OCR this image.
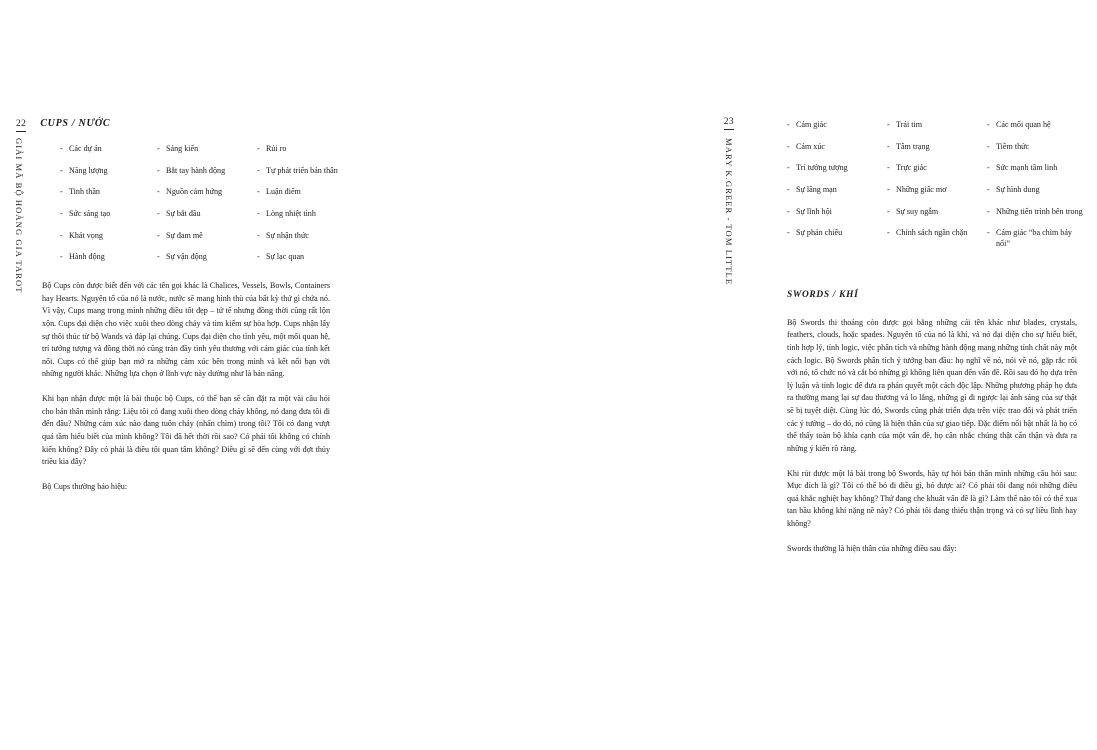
22 CUPS / NƯỚC
GIẢI MÃ BỘ HOÀNG GIA TAROT	- Các dự án
- Năng lượng
- Tinh thần
- Sức sáng tạo
- Khát vọng
- Hành động
- Sáng kiến
- Bắt tay hành động
- Nguồn cảm hứng
- Sự bắt đầu
- Sự đam mê
- Sự vận động
- Rủi ro
- Tự phát triển bản thân
- Luận điểm
- Lòng nhiệt tình
- Sự nhận thức
- Sự lạc quan

Bộ Cups còn được biết đến với các tên gọi khác là Chalices, Vessels, Bowls, Containers hay Hearts. Nguyên tố của nó là nước, nước sẽ mang hình thù của bất kỳ thứ gì chứa nó. Vì vậy, Cups mang trong mình những điều tốt đẹp – tử tế nhưng đồng thời cũng rất lộn xộn. Cups đại diện cho việc xuôi theo dòng chảy và tìm kiếm sự hòa hợp. Cups nhận lấy sự thôi thúc từ bộ Wands và đáp lại chúng. Cups đại diện cho tình yêu, một mối quan hệ, trí tưởng tượng và đồng thời nó cũng tràn đầy tình yêu thương với cảm giác của tính kết nối. Cups có thể giúp bạn mở ra những cảm xúc bên trong mình và kết nối bạn với những người khác. Những lựa chọn ở lĩnh vực này dường như là bản năng.

Khi bạn nhận được một lá bài thuộc bộ Cups, có thể bạn sẽ cần đặt ra một vài câu hỏi cho bản thân mình rằng: Liệu tôi có đang xuôi theo dòng chảy không, nó đang đưa tôi đi đến đâu? Những cảm xúc nào đang tuôn chảy (nhấn chìm) trong tôi? Tôi có đang vượt quá tầm hiểu biết của mình không? Tôi đã hết thời rồi sao? Có phải tôi không có chính kiến không? Đây có phải là điều tôi quan tâm không? Điều gì sẽ đến cùng với đợt thủy triều kia đây?

Bộ Cups thường báo hiệu:

23
MARY K.GREER - TOM LITTLE
- Cảm giác
- Cảm xúc
- Trí tưởng tượng
- Sự lãng mạn
- Sự lĩnh hội
- Sự phản chiếu
- Trái tim
- Tâm trạng
- Trực giác
- Những giấc mơ
- Sự suy ngẫm
- Chính sách ngăn chặn
- Các mối quan hệ
- Tiềm thức
- Sức mạnh tâm linh
- Sự hình dung
- Những tiến trình bên trong
- Cảm giác “ba chìm bảy nổi”
SWORDS / KHÍ

Bộ Swords thi thoảng còn được gọi bằng những cái tên khác như blades, crystals, feathers, clouds, hoặc spades. Nguyên tố của nó là khí, và nó đại diện cho sự hiểu biết, tính hợp lý, tính logic, việc phân tích và những hành động mang những tính chất này một cách logic. Bộ Swords phân tích ý tưởng ban đầu: họ nghĩ về nó, nói về nó, gặp rắc rối với nó, tổ chức nó và cắt bỏ những gì không liên quan đến vấn đề. Rồi sau đó họ dựa trên lý luận và tính logic để đưa ra phán quyết một cách độc lập. Những phương pháp họ đưa ra thường mang lại sự đau thương và lo lắng, những gì đi ngược lại ánh sáng của sự thật sẽ bị tuyệt diệt. Cùng lúc đó, Swords cũng phát triển dựa trên việc trao đổi và phát triển các ý tưởng – do đó, nó cũng là hiện thân của sự giao tiếp. Đặc điểm nổi bật nhất là họ có thể thấy toàn bộ khía cạnh của một vấn đề, họ cân nhắc chúng thật cẩn thận và đưa ra những ý kiến rõ ràng.

Khi rút được một lá bài trong bộ Swords, hãy tự hỏi bản thân mình những câu hỏi sau: Mục đích là gì? Tôi có thể bỏ đi điều gì, bỏ được ai? Có phải tôi đang nói những điều quá khắc nghiệt hay không? Thứ đang che khuất vấn đề là gì? Làm thế nào tôi có thể xua tan bầu không khí nặng nề này? Có phải tôi đang thiếu thận trọng và có sự liều lĩnh hay không?

Swords thường là hiện thân của những điều sau đây:
